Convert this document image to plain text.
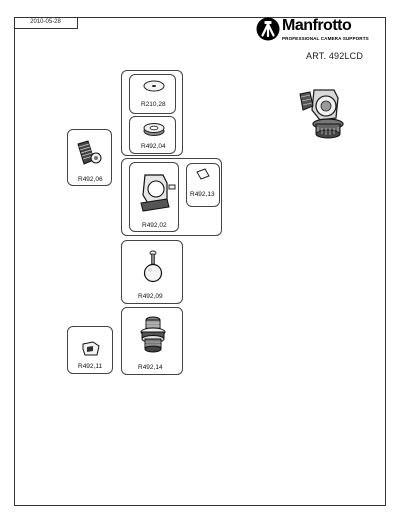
2010-05-28	Manfrotto
PROFESSIONAL CAMERA SUPPORTS
ART. 492LCD
R210,28
R492,04
R492,06
R492,02
R492,13
R492,09
R492,11	R492,14
